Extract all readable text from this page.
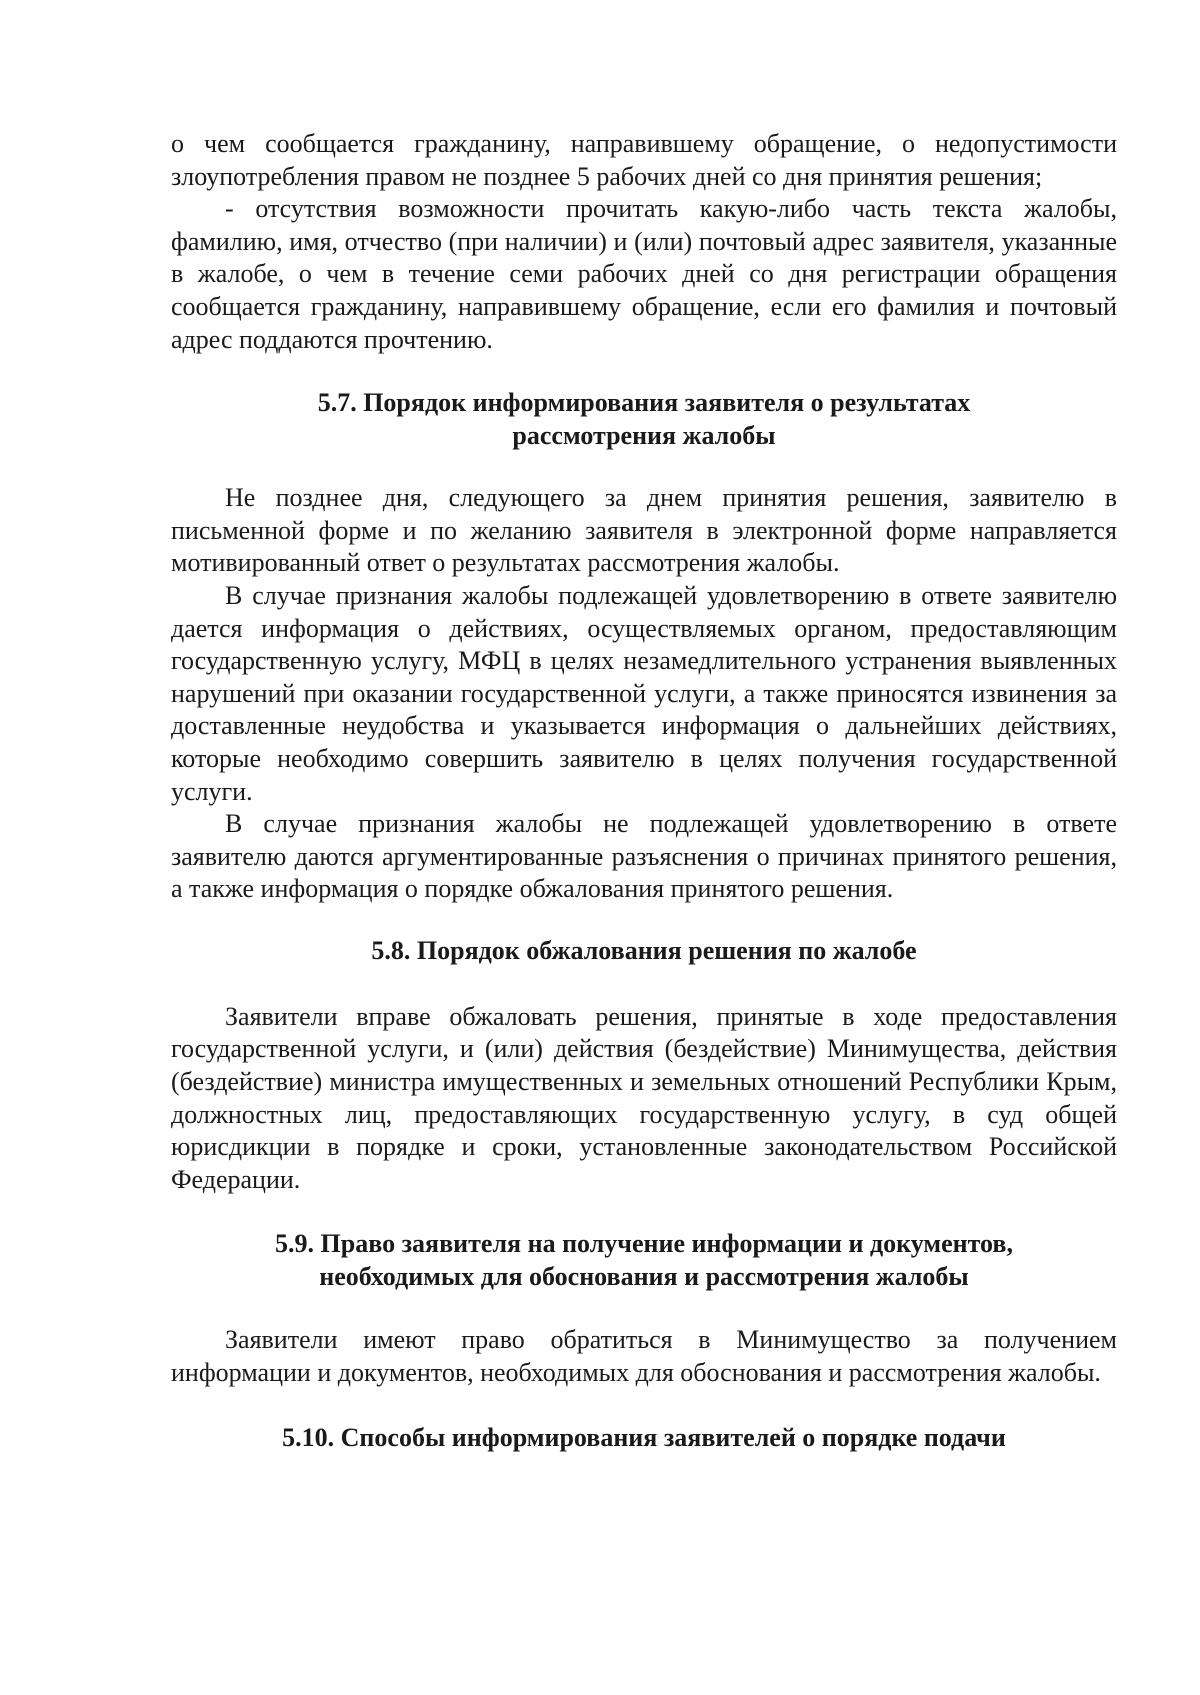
о чем сообщается гражданину, направившему обращение, о недопустимости злоупотребления правом не позднее 5 рабочих дней со дня принятия решения;

- отсутствия возможности прочитать какую-либо часть текста жалобы, фамилию, имя, отчество (при наличии) и (или) почтовый адрес заявителя, указанные в жалобе, о чем в течение семи рабочих дней со дня регистрации обращения сообщается гражданину, направившему обращение, если его фамилия и почтовый адрес поддаются прочтению.

5.7. Порядок информирования заявителя о результатах
рассмотрения жалобы

Не позднее дня, следующего за днем принятия решения, заявителю в письменной форме и по желанию заявителя в электронной форме направляется мотивированный ответ о результатах рассмотрения жалобы.

В случае признания жалобы подлежащей удовлетворению в ответе заявителю дается информация о действиях, осуществляемых органом, предоставляющим государственную услугу, МФЦ в целях незамедлительного устранения выявленных нарушений при оказании государственной услуги, а также приносятся извинения за доставленные неудобства и указывается информация о дальнейших действиях, которые необходимо совершить заявителю в целях получения государственной услуги.

В случае признания жалобы не подлежащей удовлетворению в ответе заявителю даются аргументированные разъяснения о причинах принятого решения, а также информация о порядке обжалования принятого решения.

5.8. Порядок обжалования решения по жалобе

Заявители вправе обжаловать решения, принятые в ходе предоставления государственной услуги, и (или) действия (бездействие) Минимущества, действия (бездействие) министра имущественных и земельных отношений Республики Крым, должностных лиц, предоставляющих государственную услугу, в суд общей юрисдикции в порядке и сроки, установленные законодательством Российской Федерации.

5.9. Право заявителя на получение информации и документов,
необходимых для обоснования и рассмотрения жалобы

Заявители имеют право обратиться в Минимущество за получением информации и документов, необходимых для обоснования и рассмотрения жалобы.

5.10. Способы информирования заявителей о порядке подачи
